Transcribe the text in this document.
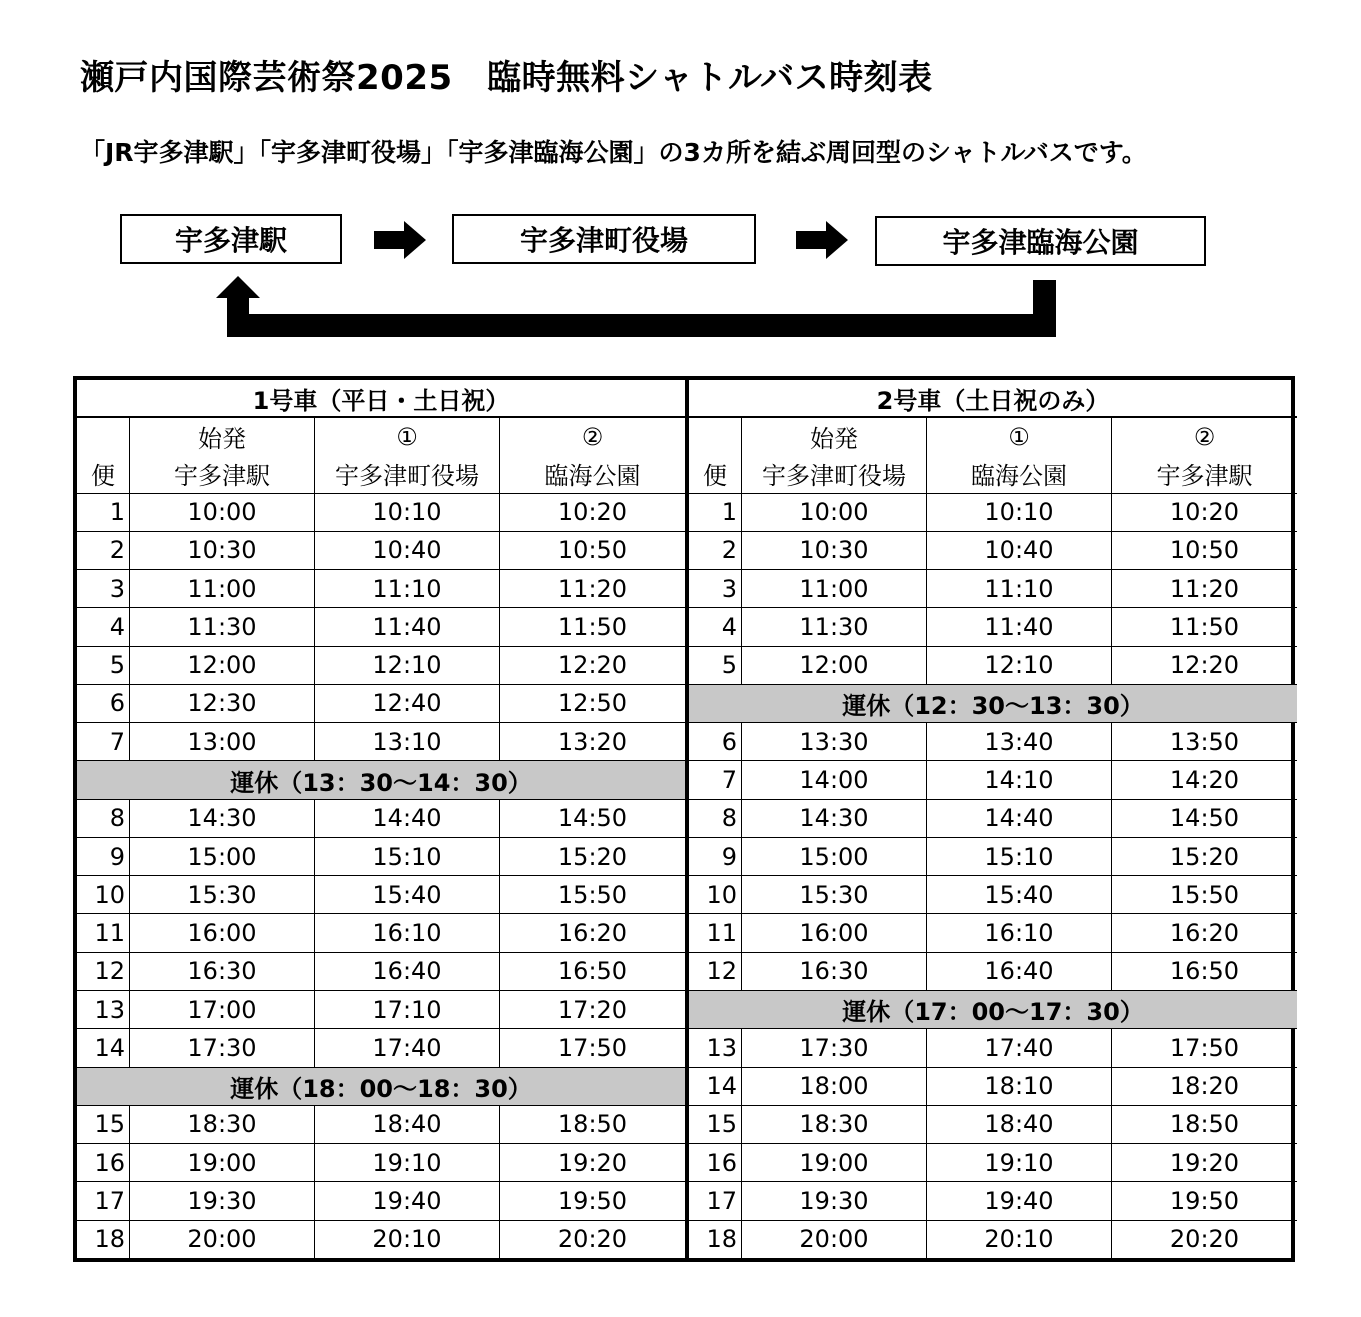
瀬戸内国際芸術祭2025　臨時無料シャトルバス時刻表
「JR宇多津駅」「宇多津町役場」「宇多津臨海公園」の3カ所を結ぶ周回型のシャトルバスです。
宇多津駅	宇多津町役場	宇多津臨海公園
1号車（平日・土日祝）
始発	①	②
便	宇多津駅	宇多津町役場	臨海公園
1	10:00	10:10	10:20
2	10:30	10:40	10:50
3	11:00	11:10	11:20
4	11:30	11:40	11:50
5	12:00	12:10	12:20
6	12:30	12:40	12:50
7	13:00	13:10	13:20
運休（13：30～14：30）
8	14:30	14:40	14:50
9	15:00	15:10	15:20
10	15:30	15:40	15:50
11	16:00	16:10	16:20
12	16:30	16:40	16:50
13	17:00	17:10	17:20
14	17:30	17:40	17:50
運休（18：00～18：30）
15	18:30	18:40	18:50
16	19:00	19:10	19:20
17	19:30	19:40	19:50
18	20:00	20:10	20:20
2号車（土日祝のみ）
始発	①	②
便	宇多津町役場	臨海公園	宇多津駅
1	10:00	10:10	10:20
2	10:30	10:40	10:50
3	11:00	11:10	11:20
4	11:30	11:40	11:50
5	12:00	12:10	12:20
運休（12：30～13：30）
6	13:30	13:40	13:50
7	14:00	14:10	14:20
8	14:30	14:40	14:50
9	15:00	15:10	15:20
10	15:30	15:40	15:50
11	16:00	16:10	16:20
12	16:30	16:40	16:50
運休（17：00～17：30）
13	17:30	17:40	17:50
14	18:00	18:10	18:20
15	18:30	18:40	18:50
16	19:00	19:10	19:20
17	19:30	19:40	19:50
18	20:00	20:10	20:20
